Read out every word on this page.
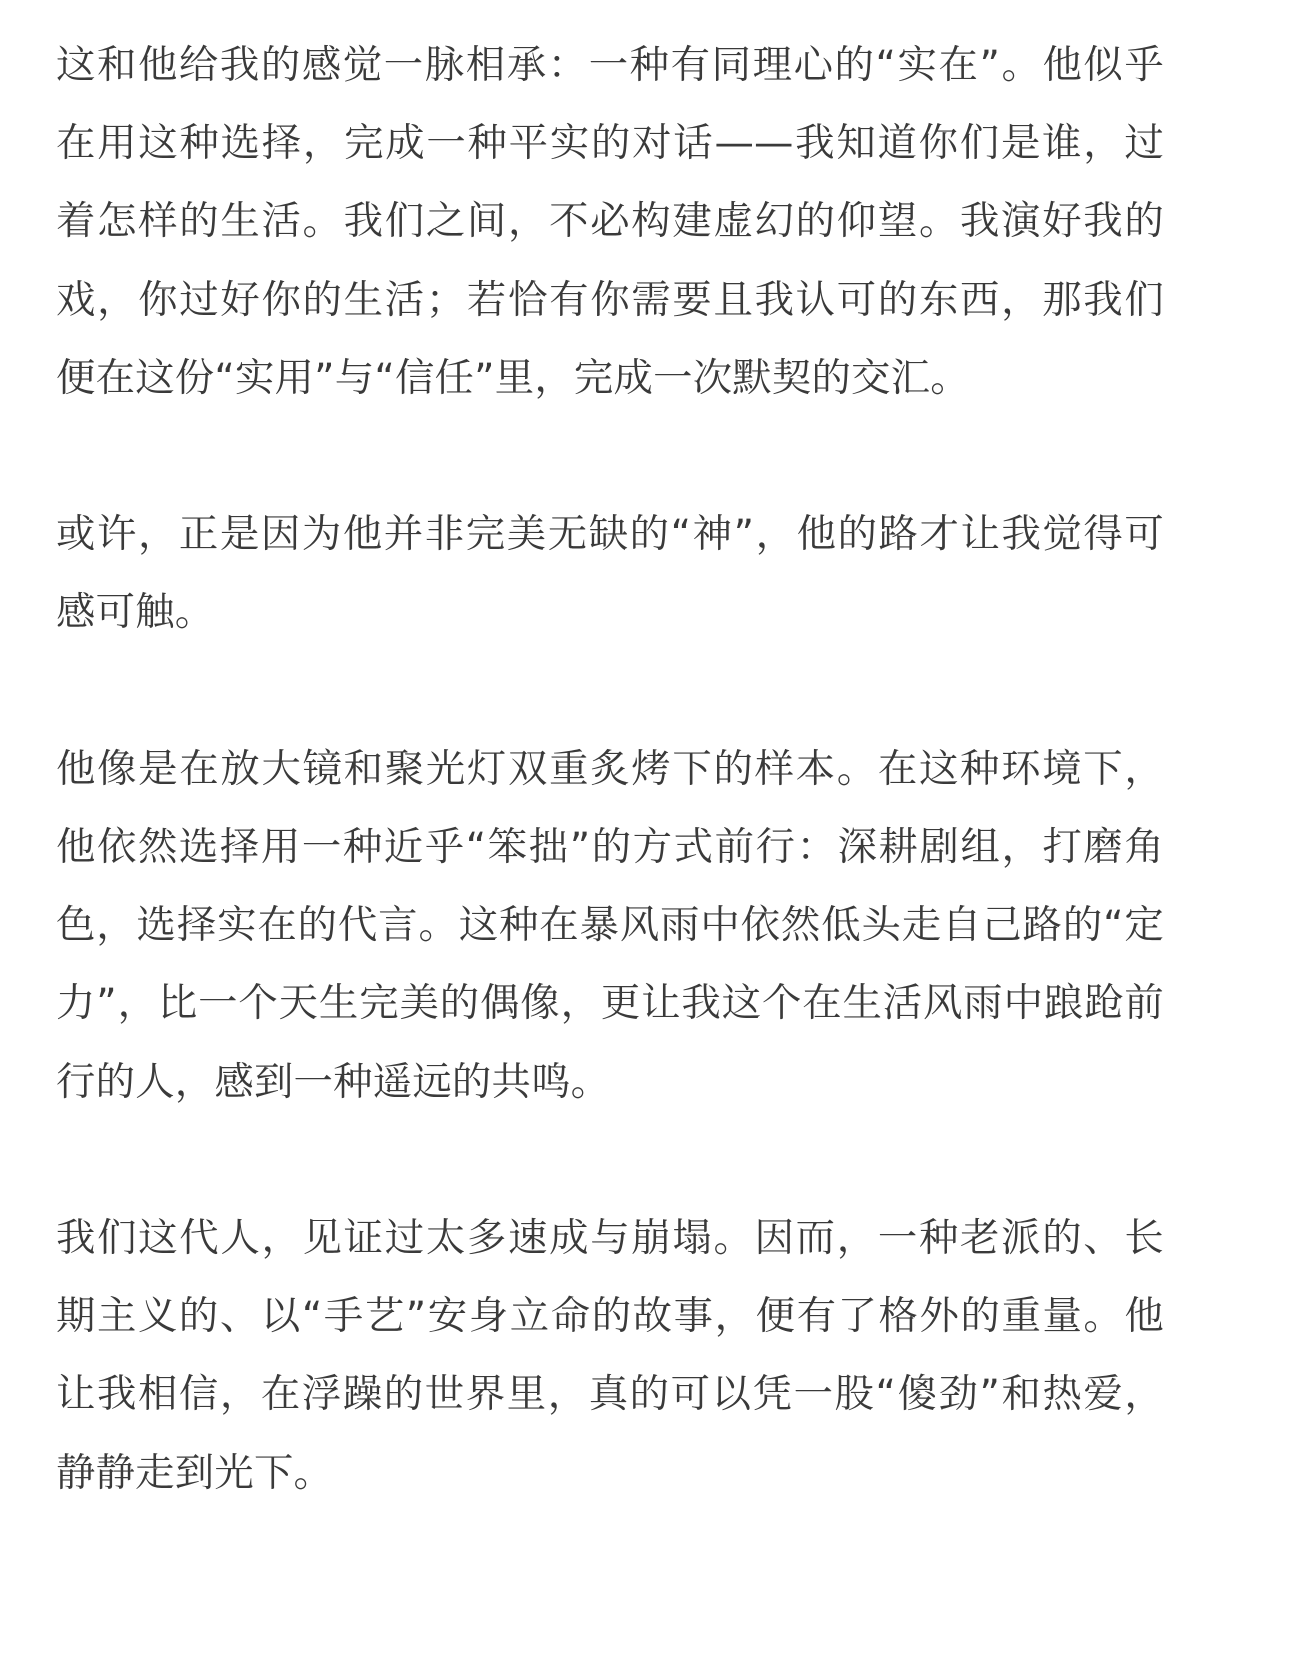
这和他给我的感觉一脉相承：一种有同理心的“实在”。他似乎在用这种选择，完成一种平实的对话——我知道你们是谁，过着怎样的生活。我们之间，不必构建虚幻的仰望。我演好我的戏，你过好你的生活；若恰有你需要且我认可的东西，那我们便在这份“实用”与“信任”里，完成一次默契的交汇。

或许，正是因为他并非完美无缺的“神”，他的路才让我觉得可感可触。

他像是在放大镜和聚光灯双重炙烤下的样本。在这种环境下，他依然选择用一种近乎“笨拙”的方式前行：深耕剧组，打磨角色，选择实在的代言。这种在暴风雨中依然低头走自己路的“定力”，比一个天生完美的偶像，更让我这个在生活风雨中踉跄前行的人，感到一种遥远的共鸣。

我们这代人，见证过太多速成与崩塌。因而，一种老派的、长期主义的、以“手艺”安身立命的故事，便有了格外的重量。他让我相信，在浮躁的世界里，真的可以凭一股“傻劲”和热爱，静静走到光下。
